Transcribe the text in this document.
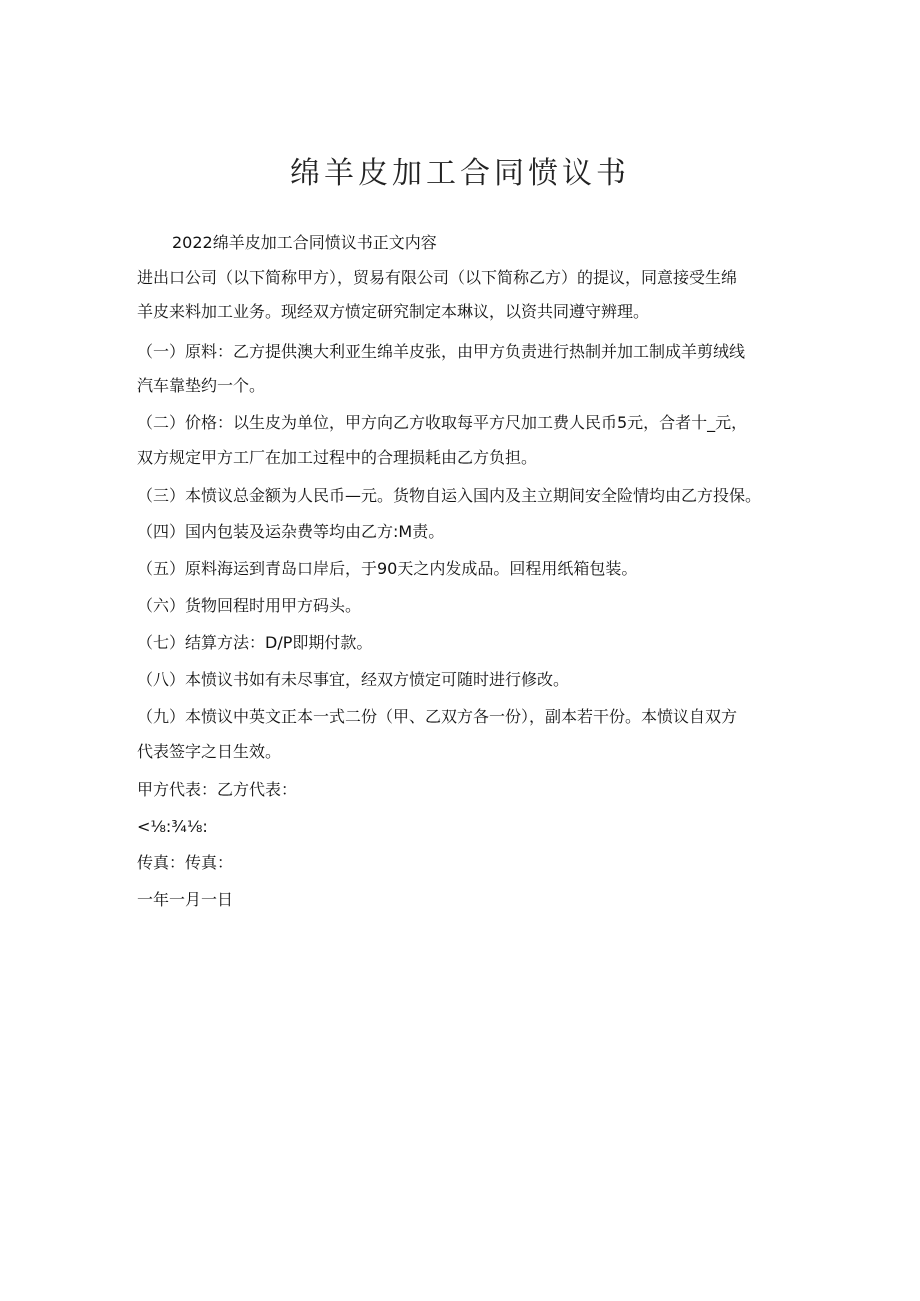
绵羊皮加工合同愤议书
2022绵羊皮加工合同愤议书正文内容
进出口公司（以下简称甲方），贸易有限公司（以下简称乙方）的提议，同意接受生绵
羊皮来料加工业务。现经双方愤定研究制定本琳议，以资共同遵守辨理。
（一）原料：乙方提供澳大利亚生绵羊皮张，由甲方负责进行热制并加工制成羊剪绒线
汽车靠垫约一个。
（二）价格：以生皮为单位，甲方向乙方收取每平方尺加工费人民币5元，合者十_元，
双方规定甲方工厂在加工过程中的合理损耗由乙方负担。
（三）本愤议总金额为人民币—元。货物自运入国内及主立期间安全险情均由乙方投保。
（四）国内包装及运杂费等均由乙方:M责。
（五）原料海运到青岛口岸后，于90天之内发成品。回程用纸箱包装。
（六）货物回程时用甲方码头。
（七）结算方法：D/P即期付款。
（八）本愤议书如有未尽事宜，经双方愤定可随时进行修改。
（九）本愤议中英文正本一式二份（甲、乙双方各一份），副本若干份。本愤议自双方
代表签字之日生效。
甲方代表：乙方代表：
<⅛:¾⅛:
传真：传真：
一年一月一日
